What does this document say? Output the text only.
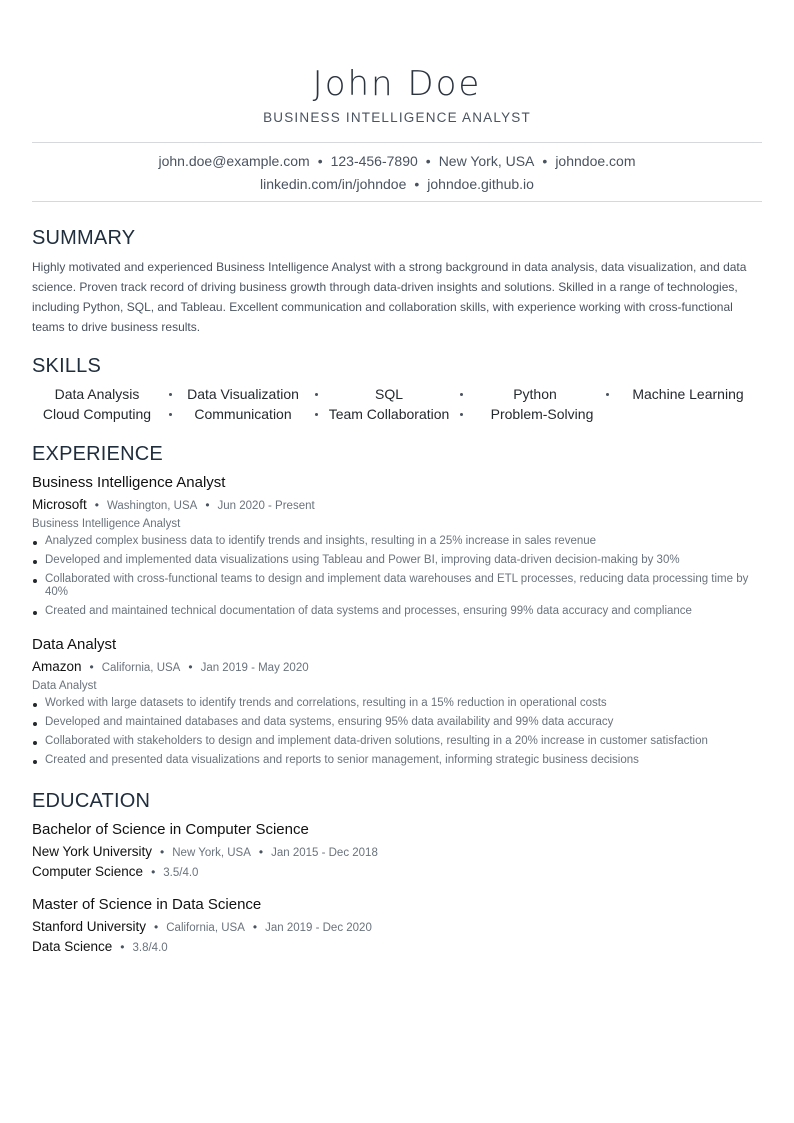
John Doe
BUSINESS INTELLIGENCE ANALYST
john.doe@example.com • 123-456-7890 • New York, USA • johndoe.com
linkedin.com/in/johndoe • johndoe.github.io
SUMMARY
Highly motivated and experienced Business Intelligence Analyst with a strong background in data analysis, data visualization, and data science. Proven track record of driving business growth through data-driven insights and solutions. Skilled in a range of technologies, including Python, SQL, and Tableau. Excellent communication and collaboration skills, with experience working with cross-functional teams to drive business results.
SKILLS
Data Analysis	Data Visualization	SQL	Python	Machine Learning
Cloud Computing	Communication	Team Collaboration	Problem-Solving
EXPERIENCE
Business Intelligence Analyst
Microsoft • Washington, USA • Jun 2020 - Present
Business Intelligence Analyst
Analyzed complex business data to identify trends and insights, resulting in a 25% increase in sales revenue
Developed and implemented data visualizations using Tableau and Power BI, improving data-driven decision-making by 30%
Collaborated with cross-functional teams to design and implement data warehouses and ETL processes, reducing data processing time by 40%
Created and maintained technical documentation of data systems and processes, ensuring 99% data accuracy and compliance
Data Analyst
Amazon • California, USA • Jan 2019 - May 2020
Data Analyst
Worked with large datasets to identify trends and correlations, resulting in a 15% reduction in operational costs
Developed and maintained databases and data systems, ensuring 95% data availability and 99% data accuracy
Collaborated with stakeholders to design and implement data-driven solutions, resulting in a 20% increase in customer satisfaction
Created and presented data visualizations and reports to senior management, informing strategic business decisions
EDUCATION
Bachelor of Science in Computer Science
New York University • New York, USA • Jan 2015 - Dec 2018
Computer Science • 3.5/4.0
Master of Science in Data Science
Stanford University • California, USA • Jan 2019 - Dec 2020
Data Science • 3.8/4.0
